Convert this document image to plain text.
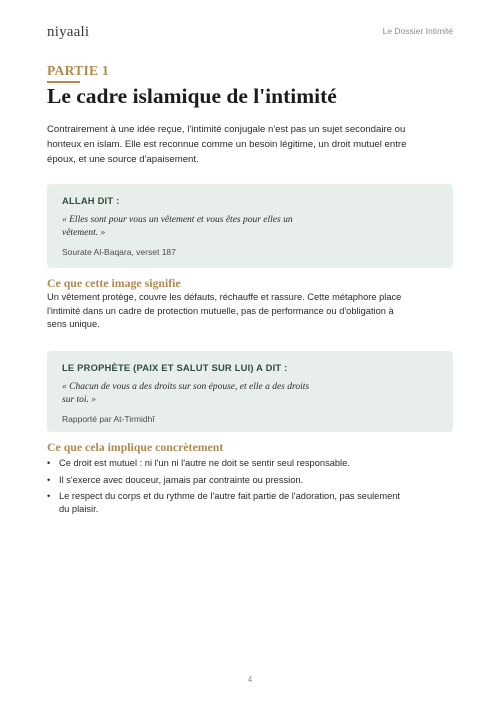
niyaali	Le Dossier Intimité
PARTIE 1
Le cadre islamique de l'intimité

Contrairement à une idée reçue, l'intimité conjugale n'est pas un sujet secondaire ou honteux en islam. Elle est reconnue comme un besoin légitime, un droit mutuel entre époux, et une source d'apaisement.

ALLAH DIT :

« Elles sont pour vous un vêtement et vous êtes pour elles un vêtement. »

Sourate Al-Baqara, verset 187

Ce que cette image signifie

Un vêtement protège, couvre les défauts, réchauffe et rassure. Cette métaphore place l'intimité dans un cadre de protection mutuelle, pas de performance ou d'obligation à sens unique.

LE PROPHÈTE (PAIX ET SALUT SUR LUI) A DIT :

« Chacun de vous a des droits sur son épouse, et elle a des droits sur toi. »

Rapporté par At-Tirmidhî

Ce que cela implique concrètement
• Ce droit est mutuel : ni l'un ni l'autre ne doit se sentir seul responsable.
• Il s'exerce avec douceur, jamais par contrainte ou pression.
• Le respect du corps et du rythme de l'autre fait partie de l'adoration, pas seulement du plaisir.
4
